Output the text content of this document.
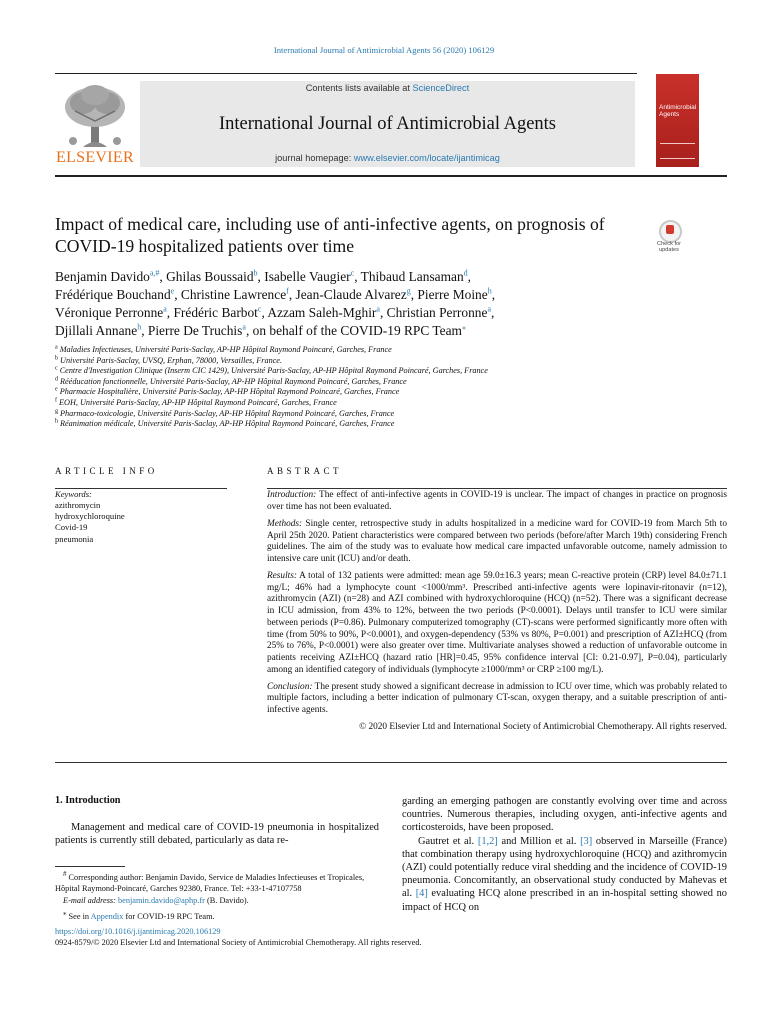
International Journal of Antimicrobial Agents 56 (2020) 106129
ELSEVIER
Contents lists available at ScienceDirect
International Journal of Antimicrobial Agents
journal homepage: www.elsevier.com/locate/ijantimicag
Antimicrobial
Agents
Impact of medical care, including use of anti-infective agents, on prognosis of COVID-19 hospitalized patients over time	Check for
updates
Benjamin Davido$^{a,\#}$, Ghilas Boussaid$^b$, Isabelle Vaugier$^c$, Thibaud Lansaman$^d$,
Frédérique Bouchand$^e$, Christine Lawrence$^f$, Jean-Claude Alvarez$^g$, Pierre Moine$^h$,
Véronique Perronne$^a$, Frédéric Barbot$^c$, Azzam Saleh-Mghir$^a$, Christian Perronne$^a$,
Djillali Annane$^h$, Pierre De Truchis$^a$, on behalf of the COVID-19 RPC Team⁎
$^a$ Maladies Infectieuses, Université Paris-Saclay, AP-HP Hôpital Raymond Poincaré, Garches, France
$^b$ Université Paris-Saclay, UVSQ, Erphan, 78000, Versailles, France.
$^c$ Centre d'Investigation Clinique (Inserm CIC 1429), Université Paris-Saclay, AP-HP Hôpital Raymond Poincaré, Garches, France
$^d$ Rééducation fonctionnelle, Université Paris-Saclay, AP-HP Hôpital Raymond Poincaré, Garches, France
$^e$ Pharmacie Hospitalière, Université Paris-Saclay, AP-HP Hôpital Raymond Poincaré, Garches, France
$^f$ EOH, Université Paris-Saclay, AP-HP Hôpital Raymond Poincaré, Garches, France
$^g$ Pharmaco-toxicologie, Université Paris-Saclay, AP-HP Hôpital Raymond Poincaré, Garches, France
$^h$ Réanimation médicale, Université Paris-Saclay, AP-HP Hôpital Raymond Poincaré, Garches, France
ARTICLE INFO	ABSTRACT
Keywords:
azithromycin
hydroxychloroquine
Covid-19
pneumonia

Introduction: The effect of anti-infective agents in COVID-19 is unclear. The impact of changes in practice on prognosis over time has not been evaluated.

Methods: Single center, retrospective study in adults hospitalized in a medicine ward for COVID-19 from March 5th to April 25th 2020. Patient characteristics were compared between two periods (before/after March 19th) considering French guidelines. The aim of the study was to evaluate how medical care impacted unfavorable outcome, namely admission to intensive care unit (ICU) and/or death.

Results: A total of 132 patients were admitted: mean age 59.0±16.3 years; mean C-reactive protein (CRP) level 84.0±71.1 mg/L; 46% had a lymphocyte count <1000/mm³. Prescribed anti-infective agents were lopinavir-ritonavir (n=12), azithromycin (AZI) (n=28) and AZI combined with hydroxychloroquine (HCQ) (n=52). There was a significant decrease in ICU admission, from 43% to 12%, between the two periods (P<0.0001). Delays until transfer to ICU were similar between periods (P=0.86). Pulmonary computerized tomography (CT)-scans were performed significantly more often with time (from 50% to 90%, P<0.0001), and oxygen-dependency (53% vs 80%, P=0.001) and prescription of AZI±HCQ (from 25% to 76%, P<0.0001) were also greater over time. Multivariate analyses showed a reduction of unfavorable outcome in patients receiving AZI±HCQ (hazard ratio [HR]=0.45, 95% confidence interval [CI: 0.21-0.97], P=0.04), particularly among an identified category of individuals (lymphocyte ≥1000/mm³ or CRP ≥100 mg/L).

Conclusion: The present study showed a significant decrease in admission to ICU over time, which was probably related to multiple factors, including a better indication of pulmonary CT-scan, oxygen therapy, and a suitable prescription of anti-infective agents.

© 2020 Elsevier Ltd and International Society of Antimicrobial Chemotherapy. All rights reserved.

1. Introduction

Management and medical care of COVID-19 pneumonia in hospitalized patients is currently still debated, particularly as data re-

garding an emerging pathogen are constantly evolving over time and across countries. Numerous therapies, including oxygen, anti-infective agents and corticosteroids, have been proposed.

Gautret et al. [1,2] and Million et al. [3] observed in Marseille (France) that combination therapy using hydroxychloroquine (HCQ) and azithromycin (AZI) could potentially reduce viral shedding and the incidence of COVID-19 pneumonia. Concomitantly, an observational study conducted by Mahevas et al. [4] evaluating HCQ alone prescribed in an in-hospital setting showed no impact of HCQ on

# Corresponding author: Benjamin Davido, Service de Maladies Infectieuses et Tropicales, Hôpital Raymond-Poincaré, Garches 92380, France. Tel: +33-1-47107758

E-mail address: benjamin.davido@aphp.fr (B. Davido).

⁎ See in Appendix for COVID-19 RPC Team.

https://doi.org/10.1016/j.ijantimicag.2020.106129
0924-8579/© 2020 Elsevier Ltd and International Society of Antimicrobial Chemotherapy. All rights reserved.
